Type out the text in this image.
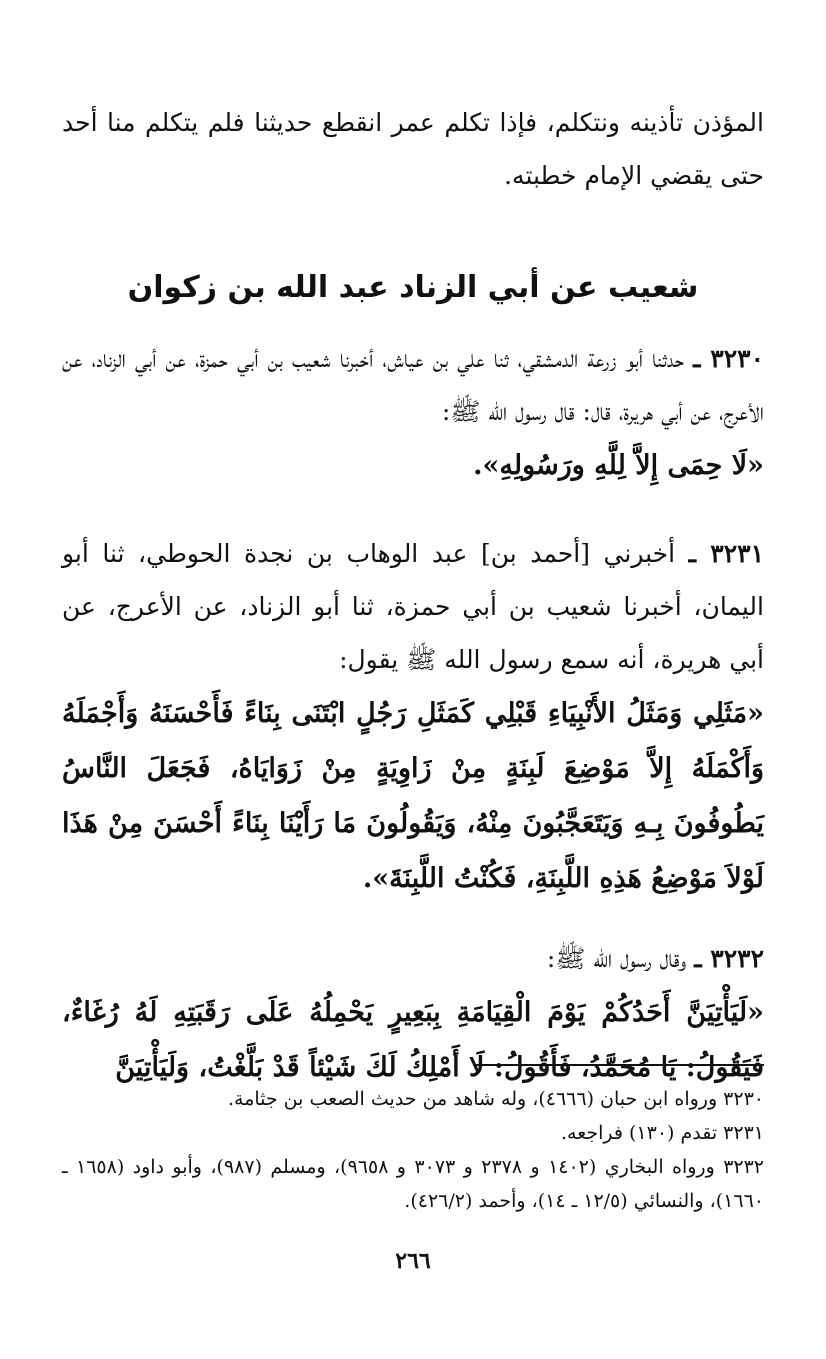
المؤذن تأذينه ونتكلم، فإذا تكلم عمر انقطع حديثنا فلم يتكلم منا أحد حتى يقضي الإمام خطبته.

شعيب عن أبي الزناد عبد الله بن زكوان

٣٢٣٠ ـ حدثنا أبو زرعة الدمشقي، ثنا علي بن عياش، أخبرنا شعيب بن أبي حمزة، عن أبي الزناد، عن الأعرج، عن أبي هريرة، قال: قال رسول الله ﷺ:

«لَا حِمَى إِلاَّ لِلَّهِ ورَسُولِهِ».

٣٢٣١ ـ أخبرني [أحمد بن] عبد الوهاب بن نجدة الحوطي، ثنا أبو اليمان، أخبرنا شعيب بن أبي حمزة، ثنا أبو الزناد، عن الأعرج، عن أبي هريرة، أنه سمع رسول الله ﷺ يقول:

«مَثَلِي وَمَثَلُ الأَنْبِيَاءِ قَبْلِي كَمَثَلِ رَجُلٍ ابْتَنَى بِنَاءً فَأَحْسَنَهُ وَأَجْمَلَهُ وَأَكْمَلَهُ إِلاَّ مَوْضِعَ لَبِنَةٍ مِنْ زَاوِيَةٍ مِنْ زَوَايَاهُ، فَجَعَلَ النَّاسُ يَطُوفُونَ بِـهِ وَيَتَعَجَّبُونَ مِنْهُ، وَيَقُولُونَ مَا رَأَيْنَا بِنَاءً أَحْسَنَ مِنْ هَذَا لَوْلاَ مَوْضِعُ هَذِهِ اللَّبِنَةِ، فَكُنْتُ اللَّبِنَةَ».

٣٢٣٢ ـ وقال رسول الله ﷺ:

«لَيَأْتِيَنَّ أَحَدُكُمْ يَوْمَ الْقِيَامَةِ بِبَعِيرٍ يَحْمِلُهُ عَلَى رَقَبَتِهِ لَهُ رُغَاءٌ، فَيَقُولُ: يَا مُحَمَّدُ، فَأَقُولُ: لَا أَمْلِكُ لَكَ شَيْئاً قَدْ بَلَّغْتُ، وَلَيَأْتِيَنَّ

٣٢٣٠ ورواه ابن حبان (٤٦٦٦)، وله شاهد من حديث الصعب بن جثامة.

٣٢٣١ تقدم (١٣٠) فراجعه.

٣٢٣٢ ورواه البخاري (١٤٠٢ و ٢٣٧٨ و ٣٠٧٣ و ٩٦٥٨)، ومسلم (٩٨٧)، وأبو داود (١٦٥٨ ـ ١٦٦٠)، والنسائي (١٢/٥ ـ ١٤)، وأحمد (٤٢٦/٢).

٢٦٦
